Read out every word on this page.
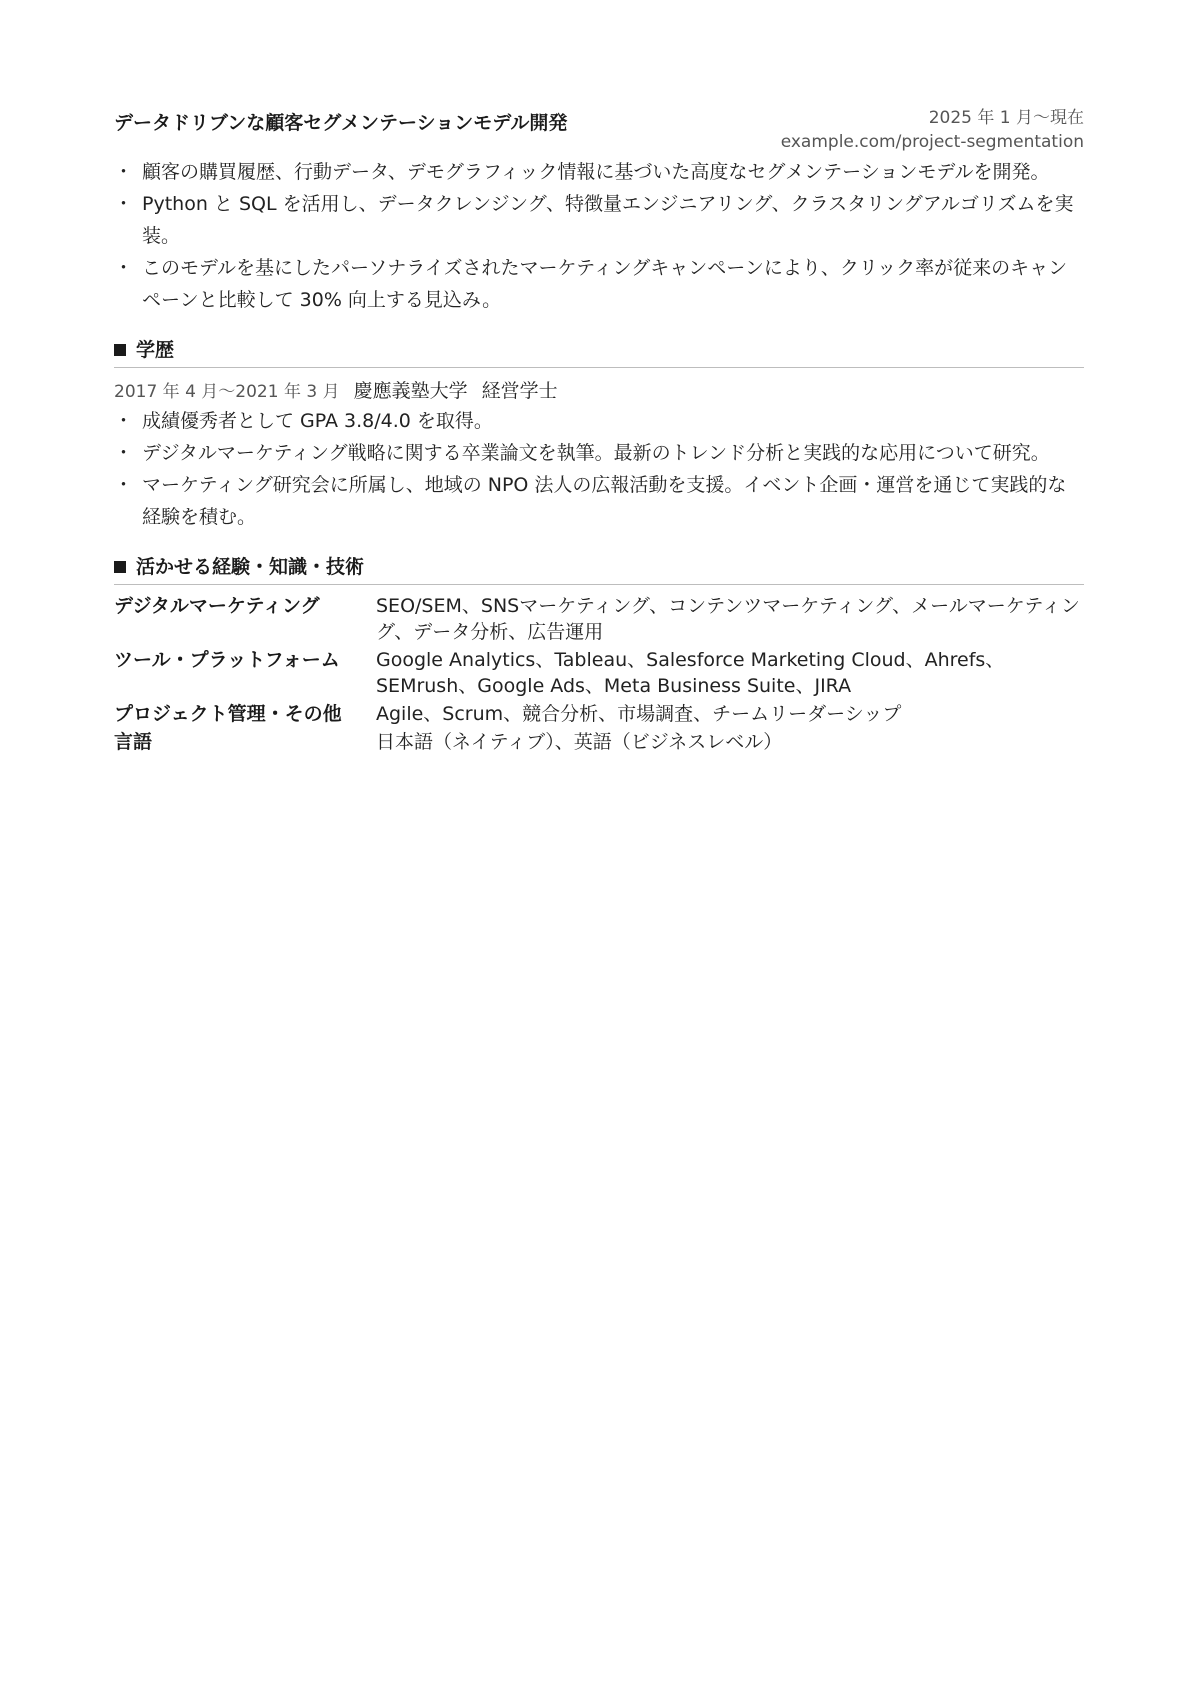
データドリブンな顧客セグメンテーションモデル開発	2025 年 1 月〜現在
example.com/project-segmentation
・ 顧客の購買履歴、行動データ、デモグラフィック情報に基づいた高度なセグメンテーションモデルを開発。
・ Python と SQL を活用し、データクレンジング、特徴量エンジニアリング、クラスタリングアルゴリズムを実装。
・ このモデルを基にしたパーソナライズされたマーケティングキャンペーンにより、クリック率が従来のキャンペーンと比較して 30% 向上する見込み。
学歴
2017 年 4 月〜2021 年 3 月 慶應義塾大学 経営学士
・ 成績優秀者として GPA 3.8/4.0 を取得。
・ デジタルマーケティング戦略に関する卒業論文を執筆。最新のトレンド分析と実践的な応用について研究。
・ マーケティング研究会に所属し、地域の NPO 法人の広報活動を支援。イベント企画・運営を通じて実践的な経験を積む。
活かせる経験・知識・技術
デジタルマーケティング	SEO/SEM、SNSマーケティング、コンテンツマーケティング、メールマーケティング、データ分析、広告運用
ツール・プラットフォーム	Google Analytics、Tableau、Salesforce Marketing Cloud、Ahrefs、SEMrush、Google Ads、Meta Business Suite、JIRA
プロジェクト管理・その他	Agile、Scrum、競合分析、市場調査、チームリーダーシップ
言語	日本語（ネイティブ）、英語（ビジネスレベル）
